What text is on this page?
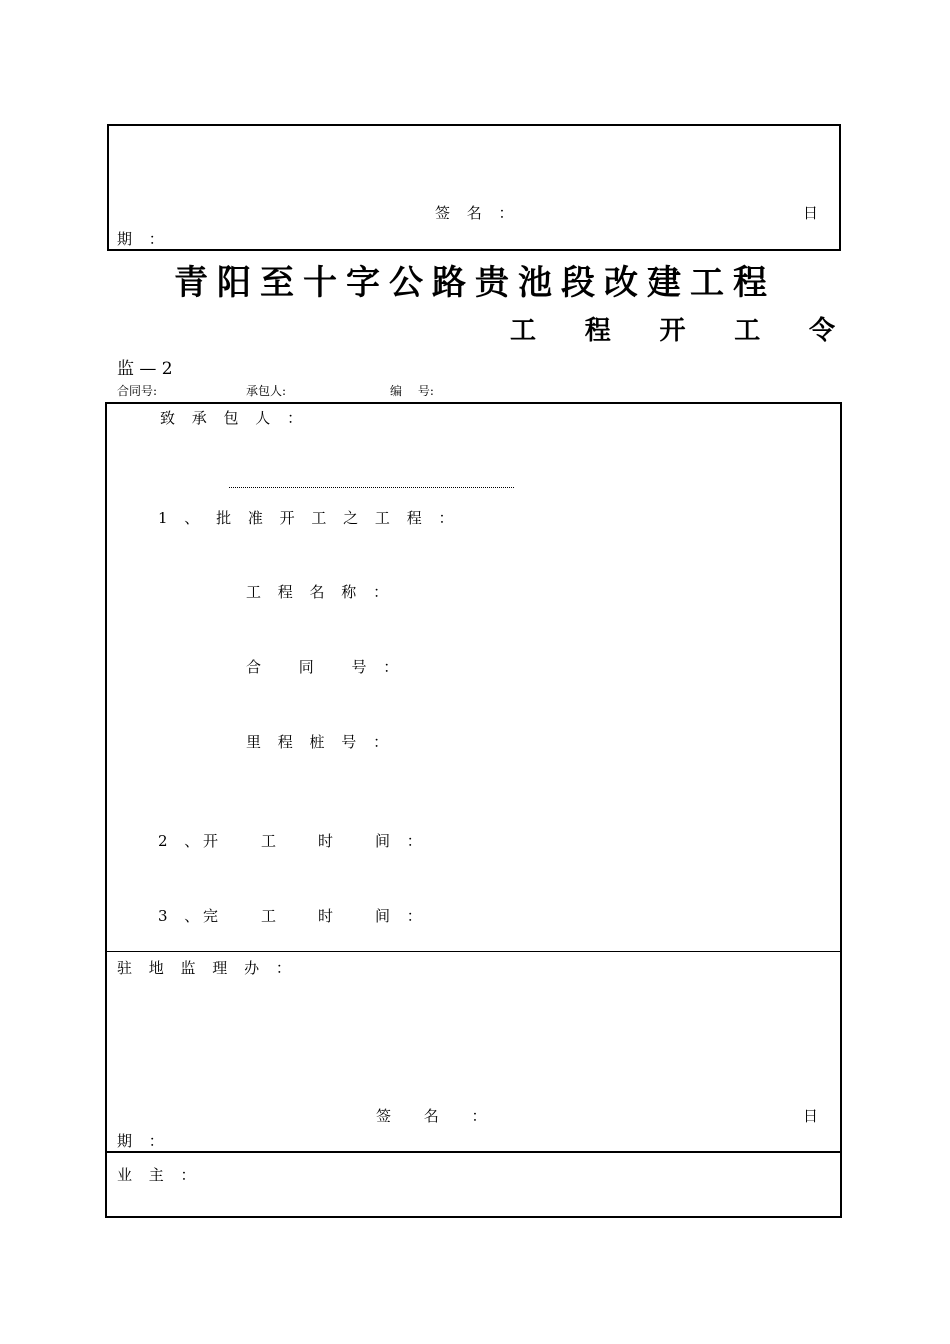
签 名 ：	日
期 ：
青阳至十字公路贵池段改建工程
工 程 开 工 令
监 — 2
合同号:	承包人:	编　 号:
致 承 包 人 ：
1 、 批 准 开 工 之 工 程 ：
工 程 名 称 ：
合 　同 　号 ：
里 程 桩 号 ：
2 、
开 工 时 间 ：
3 、
完 工 时 间 ：
驻 地 监 理 办 ：
签 名 ：	日
期 ：
业 主 ：
